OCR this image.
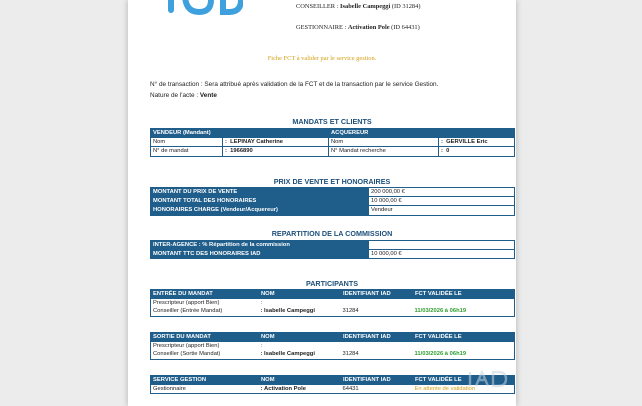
CONSEILLER : Isabelle Campeggi (ID 31284)
GESTIONNAIRE : Activation Pole (ID 64431)
Fiche FCT à valider par le service gestion.
N° de transaction : Sera attribué après validation de la FCT et de la transaction par le service Gestion.
Nature de l'acte : Vente
MANDATS ET CLIENTS
VENDEUR (Mandant)		ACQUEREUR	
Nom	:  LEPINAY Catherine	Nom	:  GERVILLE Eric
N° de mandat	:  1966890	N° Mandat recherche	:  0
PRIX DE VENTE ET HONORAIRES
MONTANT DU PRIX DE VENTE	200 000,00 €
MONTANT TOTAL DES HONORAIRES	10 000,00 €
HONORAIRES CHARGE (Vendeur/Acquereur)	Vendeur
REPARTITION DE LA COMMISSION
INTER-AGENCE : % Répartition de la commission	
MONTANT TTC DES HONORAIRES IAD	10 000,00 €
PARTICIPANTS
ENTRÉE DU MANDAT	NOM	IDENTIFIANT IAD	FCT VALIDÉE LE
Prescripteur (apport Bien)	:		
Conseiller (Entrée Mandat)	: Isabelle Campeggi	31284	11/03/2026 à 06h19
SORTIE DU MANDAT	NOM	IDENTIFIANT IAD	FCT VALIDÉE LE
Prescripteur (apport Bien)	:		
Conseiller (Sortie Mandat)	: Isabelle Campeggi	31284	11/03/2026 à 06h19
SERVICE GESTION	NOM	IDENTIFIANT IAD	FCT VALIDÉE LE
Gestionnaire	: Activation Pole	64431	En attente de validation
